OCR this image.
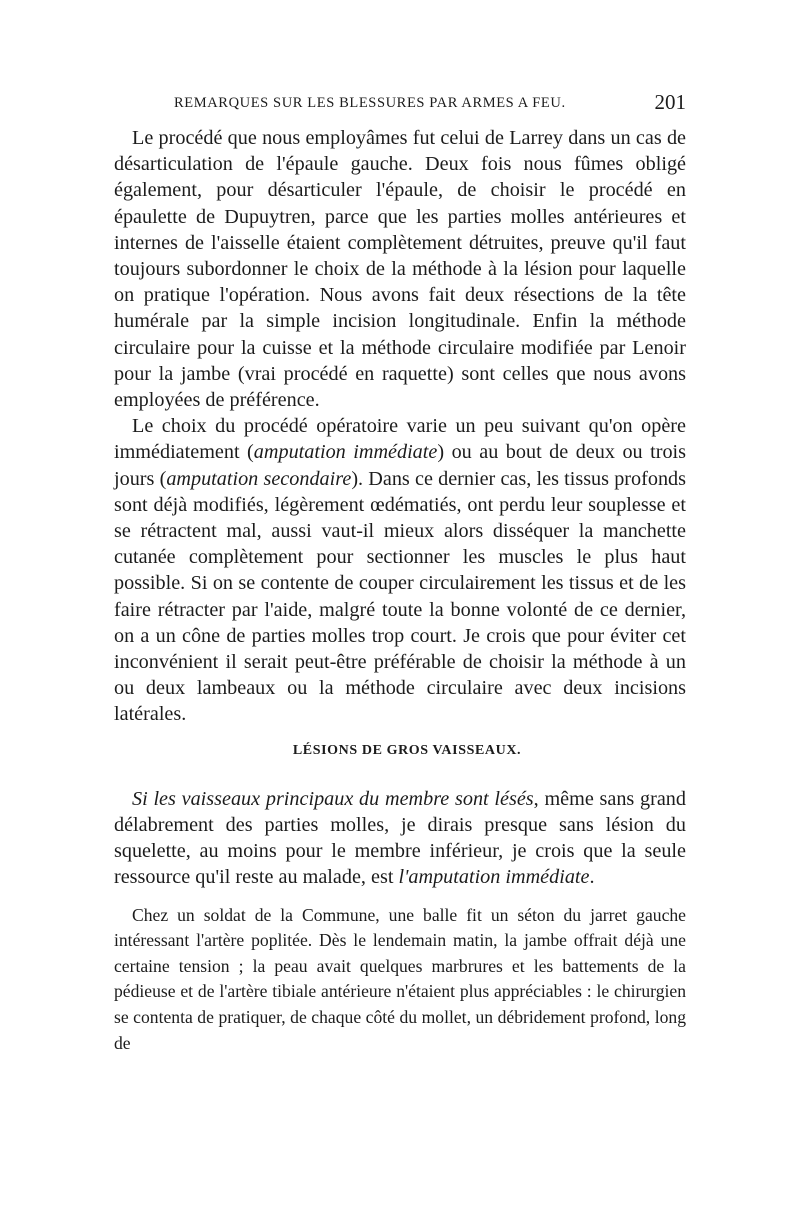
REMARQUES SUR LES BLESSURES PAR ARMES A FEU.	201

Le procédé que nous employâmes fut celui de Larrey dans un cas de désarticulation de l'épaule gauche. Deux fois nous fûmes obligé également, pour désarticuler l'épaule, de choisir le procédé en épaulette de Dupuytren, parce que les parties molles antérieures et internes de l'aisselle étaient complètement détruites, preuve qu'il faut toujours subordonner le choix de la méthode à la lésion pour laquelle on pratique l'opération. Nous avons fait deux résections de la tête humérale par la simple incision longitudinale. Enfin la méthode circulaire pour la cuisse et la méthode circulaire modifiée par Lenoir pour la jambe (vrai procédé en raquette) sont celles que nous avons employées de préférence.

Le choix du procédé opératoire varie un peu suivant qu'on opère immédiatement (amputation immédiate) ou au bout de deux ou trois jours (amputation secondaire). Dans ce dernier cas, les tissus profonds sont déjà modifiés, légèrement œdématiés, ont perdu leur souplesse et se rétractent mal, aussi vaut-il mieux alors disséquer la manchette cutanée complètement pour sectionner les muscles le plus haut possible. Si on se contente de couper circulairement les tissus et de les faire rétracter par l'aide, malgré toute la bonne volonté de ce dernier, on a un cône de parties molles trop court. Je crois que pour éviter cet inconvénient il serait peut-être préférable de choisir la méthode à un ou deux lambeaux ou la méthode circulaire avec deux incisions latérales.

LÉSIONS DE GROS VAISSEAUX.

Si les vaisseaux principaux du membre sont lésés, même sans grand délabrement des parties molles, je dirais presque sans lésion du squelette, au moins pour le membre inférieur, je crois que la seule ressource qu'il reste au malade, est l'amputation immédiate.

Chez un soldat de la Commune, une balle fit un séton du jarret gauche intéressant l'artère poplitée. Dès le lendemain matin, la jambe offrait déjà une certaine tension ; la peau avait quelques marbrures et les battements de la pédieuse et de l'artère tibiale antérieure n'étaient plus appréciables : le chirurgien se contenta de pratiquer, de chaque côté du mollet, un débridement profond, long de
